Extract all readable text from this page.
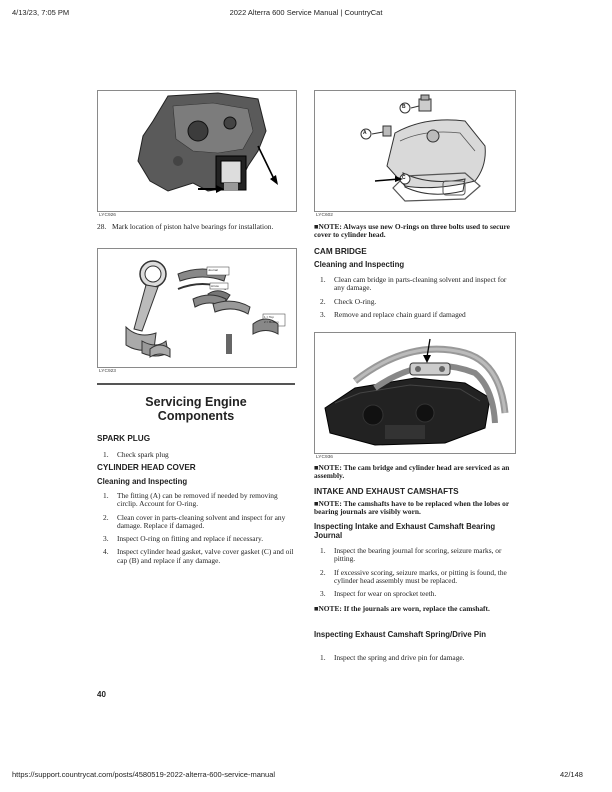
4/13/23, 7:05 PM	2022 Alterra 600 Service Manual | CountryCat
LYC926
28. Mark location of piston halve bearings for installation.
Journal
Arrow
1 = Top
2 = Bottom
LYC923
Servicing Engine Components
SPARK PLUG
1. Check spark plug
CYLINDER HEAD COVER
Cleaning and Inspecting
1. The fitting (A) can be removed if needed by removing circlip. Account for O-ring.
2. Clean cover in parts-cleaning solvent and inspect for any damage. Replace if damaged.
3. Inspect O-ring on fitting and replace if necessary.
4. Inspect cylinder head gasket, valve cover gasket (C) and oil cap (B) and replace if any damage.
40
B
A
C
LYC602
■NOTE: Always use new O-rings on three bolts used to secure cover to cylinder head.
CAM BRIDGE
Cleaning and Inspecting
1. Clean cam bridge in parts-cleaning solvent and inspect for any damage.
2. Check O-ring.
3. Remove and replace chain guard if damaged
LYC936
■NOTE: The cam bridge and cylinder head are serviced as an assembly.
INTAKE AND EXHAUST CAMSHAFTS
■NOTE: The camshafts have to be replaced when the lobes or bearing journals are visibly worn.
Inspecting Intake and Exhaust Camshaft Bearing Journal
1. Inspect the bearing journal for scoring, seizure marks, or pitting.
2. If excessive scoring, seizure marks, or pitting is found, the cylinder head assembly must be replaced.
3. Inspect for wear on sprocket teeth.
■NOTE: If the journals are worn, replace the camshaft.
Inspecting Exhaust Camshaft Spring/Drive Pin
1. Inspect the spring and drive pin for damage.
https://support.countrycat.com/posts/4580519-2022-alterra-600-service-manual	42/148
